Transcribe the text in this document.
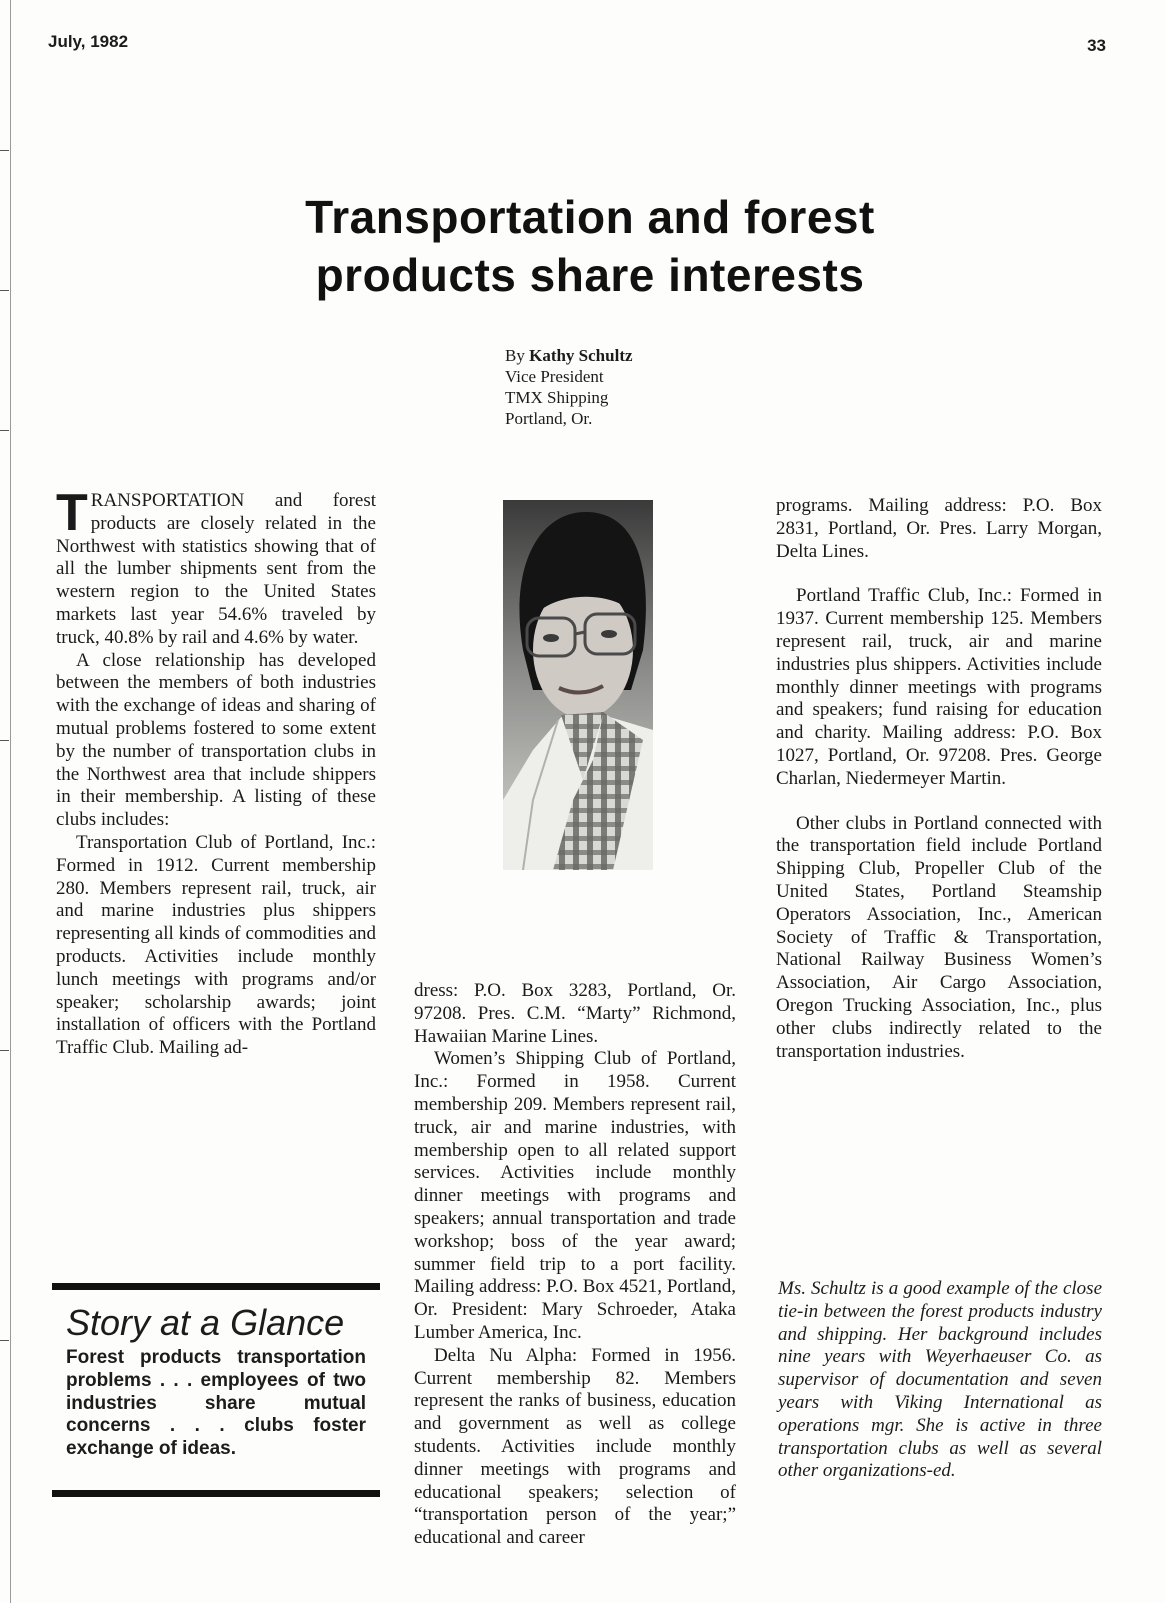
July, 1982	33
Transportation and forest
products share interests
By Kathy Schultz
Vice President
TMX Shipping
Portland, Or.

TRANSPORTATION and forest products are closely related in the Northwest with statistics showing that of all the lumber shipments sent from the western region to the United States markets last year 54.6% traveled by truck, 40.8% by rail and 4.6% by water.

A close relationship has developed between the members of both industries with the exchange of ideas and sharing of mutual problems fostered to some extent by the number of transportation clubs in the Northwest area that include shippers in their membership. A listing of these clubs includes:

Transportation Club of Portland, Inc.: Formed in 1912. Current membership 280. Members represent rail, truck, air and marine industries plus shippers representing all kinds of commodities and products. Activities include monthly lunch meetings with programs and/or speaker; scholarship awards; joint installation of officers with the Portland Traffic Club. Mailing ad-

dress: P.O. Box 3283, Portland, Or. 97208. Pres. C.M. “Marty” Richmond, Hawaiian Marine Lines.

Women’s Shipping Club of Portland, Inc.: Formed in 1958. Current membership 209. Members represent rail, truck, air and marine industries, with membership open to all related support services. Activities include monthly dinner meetings with programs and speakers; annual transportation and trade workshop; boss of the year award; summer field trip to a port facility. Mailing address: P.O. Box 4521, Portland, Or. President: Mary Schroeder, Ataka Lumber America, Inc.

Delta Nu Alpha: Formed in 1956. Current membership 82. Members represent the ranks of business, education and government as well as college students. Activities include monthly dinner meetings with programs and educational speakers; selection of “transportation person of the year;” educational and career

programs. Mailing address: P.O. Box 2831, Portland, Or. Pres. Larry Morgan, Delta Lines.

Portland Traffic Club, Inc.: Formed in 1937. Current membership 125. Members represent rail, truck, air and marine industries plus shippers. Activities include monthly dinner meetings with programs and speakers; fund raising for education and charity. Mailing address: P.O. Box 1027, Portland, Or. 97208. Pres. George Charlan, Niedermeyer Martin.

Other clubs in Portland connected with the transportation field include Portland Shipping Club, Propeller Club of the United States, Portland Steamship Operators Association, Inc., American Society of Traffic & Transportation, National Railway Business Women’s Association, Air Cargo Association, Oregon Trucking Association, Inc., plus other clubs indirectly related to the transportation industries.

Story at a Glance
Forest products transportation problems . . . employees of two industries share mutual concerns . . . clubs foster exchange of ideas.
Ms. Schultz is a good example of the close tie-in between the forest products industry and shipping. Her background includes nine years with Weyerhaeuser Co. as supervisor of documentation and seven years with Viking International as operations mgr. She is active in three transportation clubs as well as several other organizations-ed.
